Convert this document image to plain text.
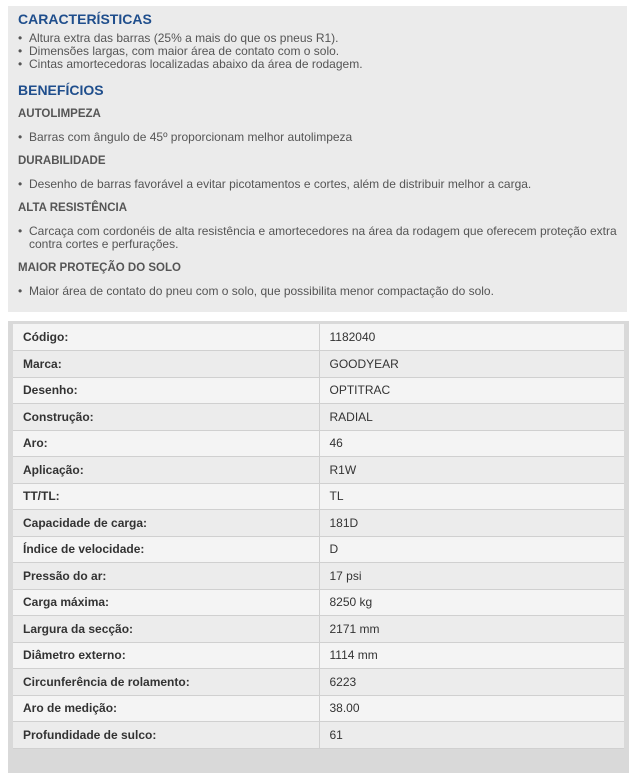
CARACTERÍSTICAS
• Altura extra das barras (25% a mais do que os pneus R1).
• Dimensões largas, com maior área de contato com o solo.
• Cintas amortecedoras localizadas abaixo da área de rodagem.
BENEFÍCIOS
AUTOLIMPEZA
• Barras com ângulo de 45º proporcionam melhor autolimpeza
DURABILIDADE
• Desenho de barras favorável a evitar picotamentos e cortes, além de distribuir melhor a carga.
ALTA RESISTÊNCIA
• Carcaça com cordonéis de alta resistência e amortecedores na área da rodagem que oferecem proteção extra contra cortes e perfurações.
MAIOR PROTEÇÃO DO SOLO
• Maior área de contato do pneu com o solo, que possibilita menor compactação do solo.
Código:	1182040
Marca:	GOODYEAR
Desenho:	OPTITRAC
Construção:	RADIAL
Aro:	46
Aplicação:	R1W
TT/TL:	TL
Capacidade de carga:	181D
Índice de velocidade:	D
Pressão do ar:	17 psi
Carga máxima:	8250 kg
Largura da secção:	2171 mm
Diâmetro externo:	1114 mm
Circunferência de rolamento:	6223
Aro de medição:	38.00
Profundidade de sulco:	61
